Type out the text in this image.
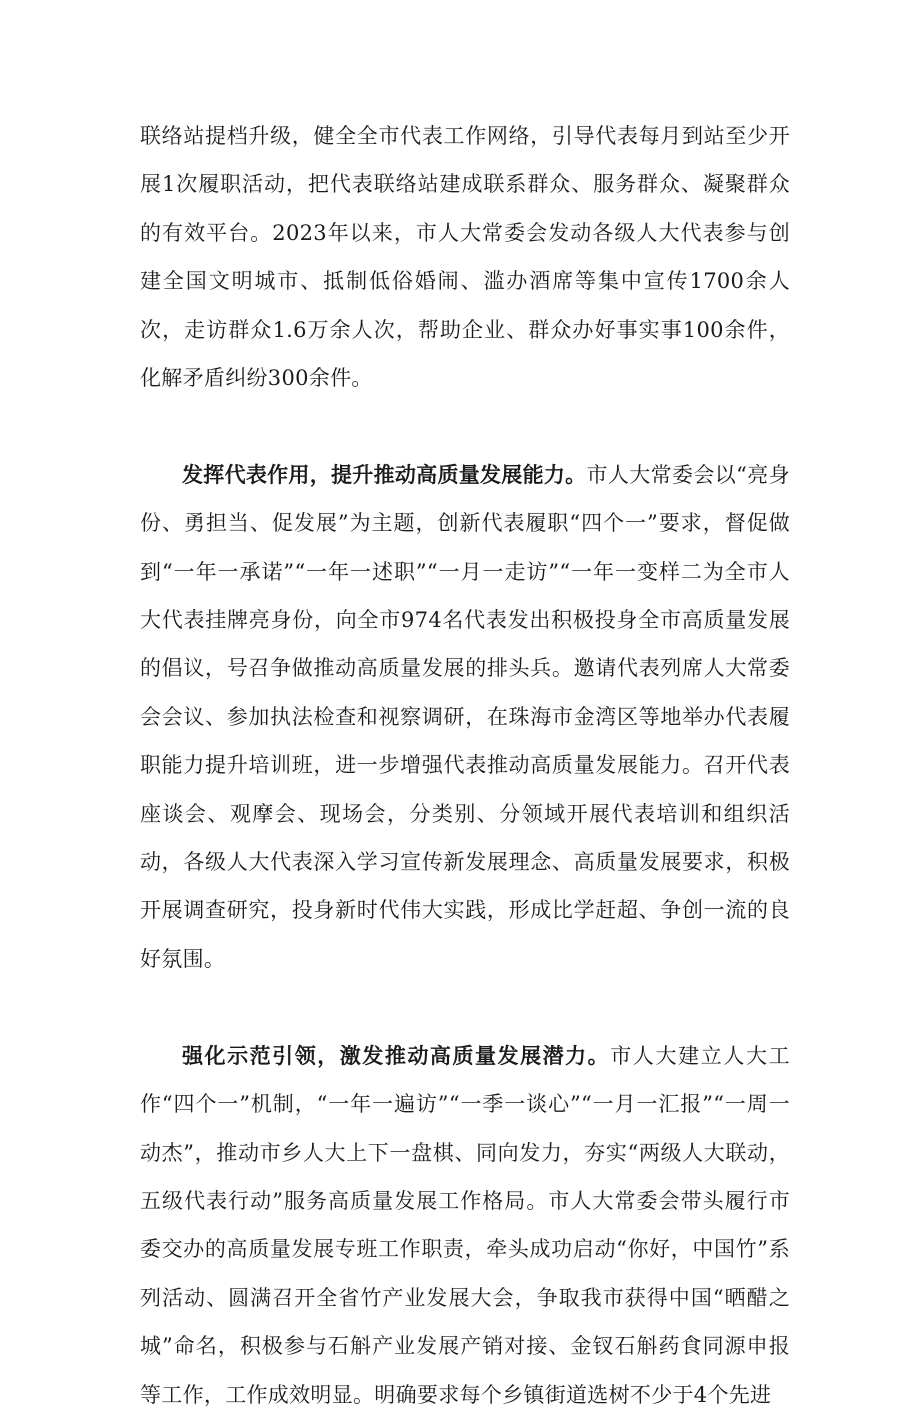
联络站提档升级，健全全市代表工作网络，引导代表每月到站至少开展1次履职活动，把代表联络站建成联系群众、服务群众、凝聚群众的有效平台。2023年以来，市人大常委会发动各级人大代表参与创建全国文明城市、抵制低俗婚闹、滥办酒席等集中宣传1700余人次，走访群众1.6万余人次，帮助企业、群众办好事实事100余件，化解矛盾纠纷300余件。

发挥代表作用，提升推动高质量发展能力。市人大常委会以“亮身份、勇担当、促发展”为主题，创新代表履职“四个一”要求，督促做到“一年一承诺”“一年一述职”“一月一走访”“一年一变样二为全市人大代表挂牌亮身份，向全市974名代表发出积极投身全市高质量发展的倡议，号召争做推动高质量发展的排头兵。邀请代表列席人大常委会会议、参加执法检查和视察调研，在珠海市金湾区等地举办代表履职能力提升培训班，进一步增强代表推动高质量发展能力。召开代表座谈会、观摩会、现场会，分类别、分领域开展代表培训和组织活动，各级人大代表深入学习宣传新发展理念、高质量发展要求，积极开展调查研究，投身新时代伟大实践，形成比学赶超、争创一流的良好氛围。

强化示范引领，激发推动高质量发展潜力。市人大建立人大工作“四个一”机制，“一年一遍访”“一季一谈心”“一月一汇报”“一周一动杰”，推动市乡人大上下一盘棋、同向发力，夯实“两级人大联动，五级代表行动”服务高质量发展工作格局。市人大常委会带头履行市委交办的高质量发展专班工作职责，牵头成功启动“你好，中国竹”系列活动、圆满召开全省竹产业发展大会，争取我市获得中国“晒醋之城”命名，积极参与石斛产业发展产销对接、金钗石斛药食同源申报等工作，工作成效明显。明确要求每个乡镇街道选树不少于4个先进
